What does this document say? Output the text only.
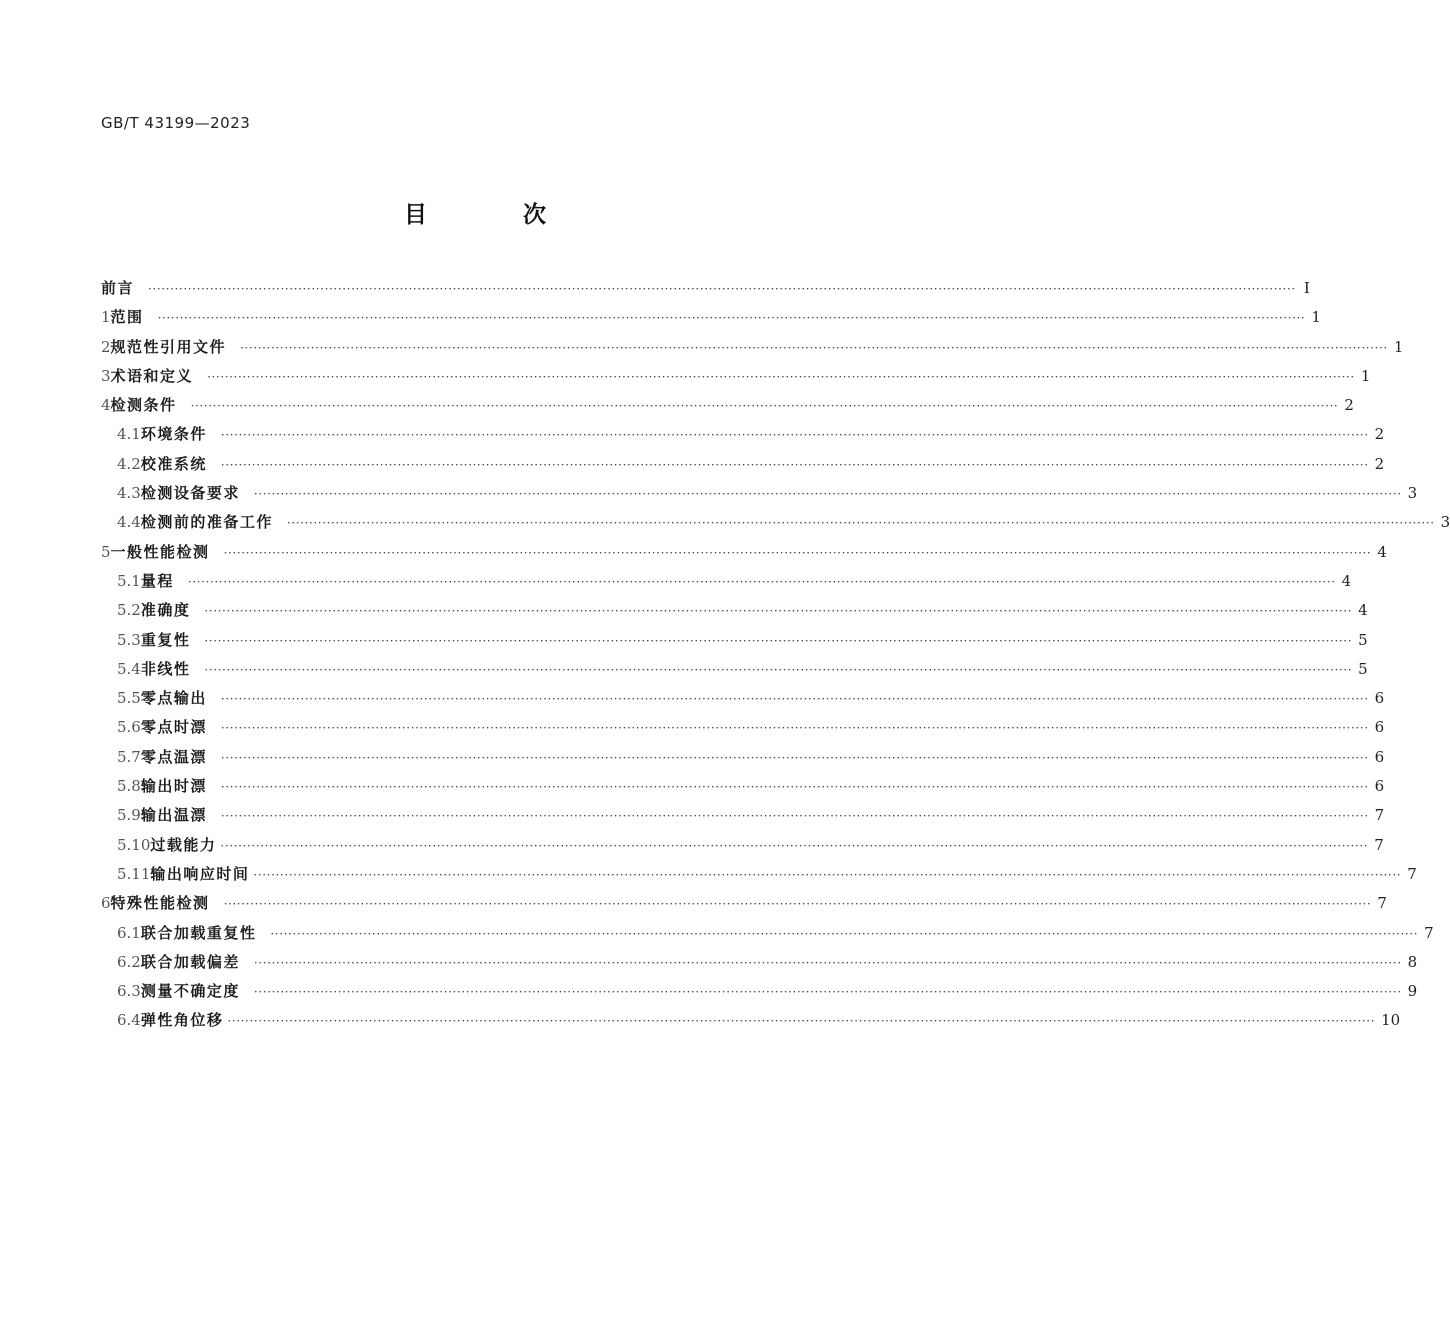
GB/T 43199—2023
目 次
前言 ···································································································································································································································································· I
1 范围 ···································································································································································································································································· 1
2 规范性引用文件 ···································································································································································································································································· 1
3 术语和定义 ···································································································································································································································································· 1
4 检测条件 ···································································································································································································································································· 2
4.1 环境条件 ···································································································································································································································································· 2
4.2 校准系统 ···································································································································································································································································· 2
4.3 检测设备要求 ···································································································································································································································································· 3
4.4 检测前的准备工作 ···································································································································································································································································· 3
5 一般性能检测 ···································································································································································································································································· 4
5.1 量程 ···································································································································································································································································· 4
5.2 准确度 ···································································································································································································································································· 4
5.3 重复性 ···································································································································································································································································· 5
5.4 非线性 ···································································································································································································································································· 5
5.5 零点输出 ···································································································································································································································································· 6
5.6 零点时漂 ···································································································································································································································································· 6
5.7 零点温漂 ···································································································································································································································································· 6
5.8 输出时漂 ···································································································································································································································································· 6
5.9 输出温漂 ···································································································································································································································································· 7
5.10 过载能力 ···································································································································································································································································· 7
5.11 输出响应时间 ···································································································································································································································································· 7
6 特殊性能检测 ···································································································································································································································································· 7
6.1 联合加载重复性 ···································································································································································································································································· 7
6.2 联合加载偏差 ···································································································································································································································································· 8
6.3 测量不确定度 ···································································································································································································································································· 9
6.4 弹性角位移 ···································································································································································································································································· 10
